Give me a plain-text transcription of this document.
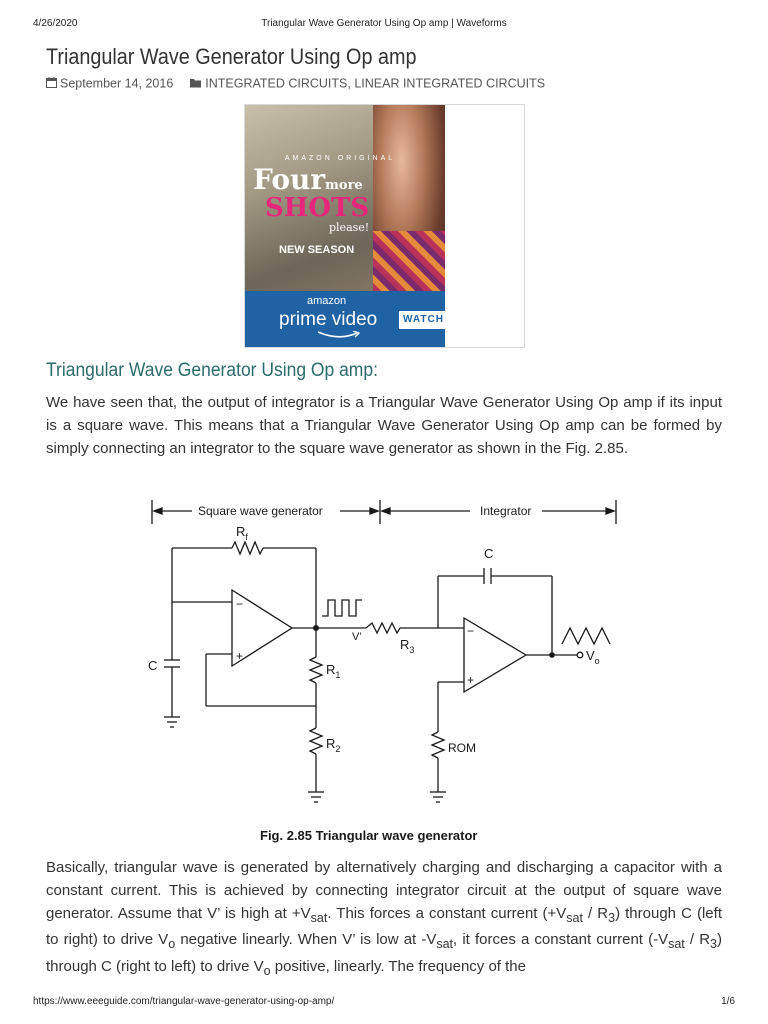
4/26/2020	Triangular Wave Generator Using Op amp | Waveforms
Triangular Wave Generator Using Op amp
September 14, 2016	INTEGRATED CIRCUITS, LINEAR INTEGRATED CIRCUITS
AMAZON ORIGINAL
Fourmore
SHOTS
please!
NEW SEASON
amazon
prime video	WATCH
Triangular Wave Generator Using Op amp:

We have seen that, the output of integrator is a Triangular Wave Generator Using Op amp if its input is a square wave. This means that a Triangular Wave Generator Using Op amp can be formed by simply connecting an integrator to the square wave generator as shown in the Fig. 2.85.

Square wave generator	Integrator
$R_f$
C
C
$R_1$
$R_2$
$R_3$
V’
$V_o$
ROM
−
+
−
+
Fig. 2.85 Triangular wave generator

Basically, triangular wave is generated by alternatively charging and discharging a capacitor with a constant current. This is achieved by connecting integrator circuit at the output of square wave generator. Assume that V’ is high at $+V_{sat}$. This forces a constant current $(+V_{sat} / R_3)$ through C (left to right) to drive $V_o$ negative linearly. When V’ is low at $-V_{sat}$, it forces a constant current $(-V_{sat} / R_3)$ through C (right to left) to drive $V_o$ positive, linearly. The frequency of the

https://www.eeeguide.com/triangular-wave-generator-using-op-amp/	1/6
